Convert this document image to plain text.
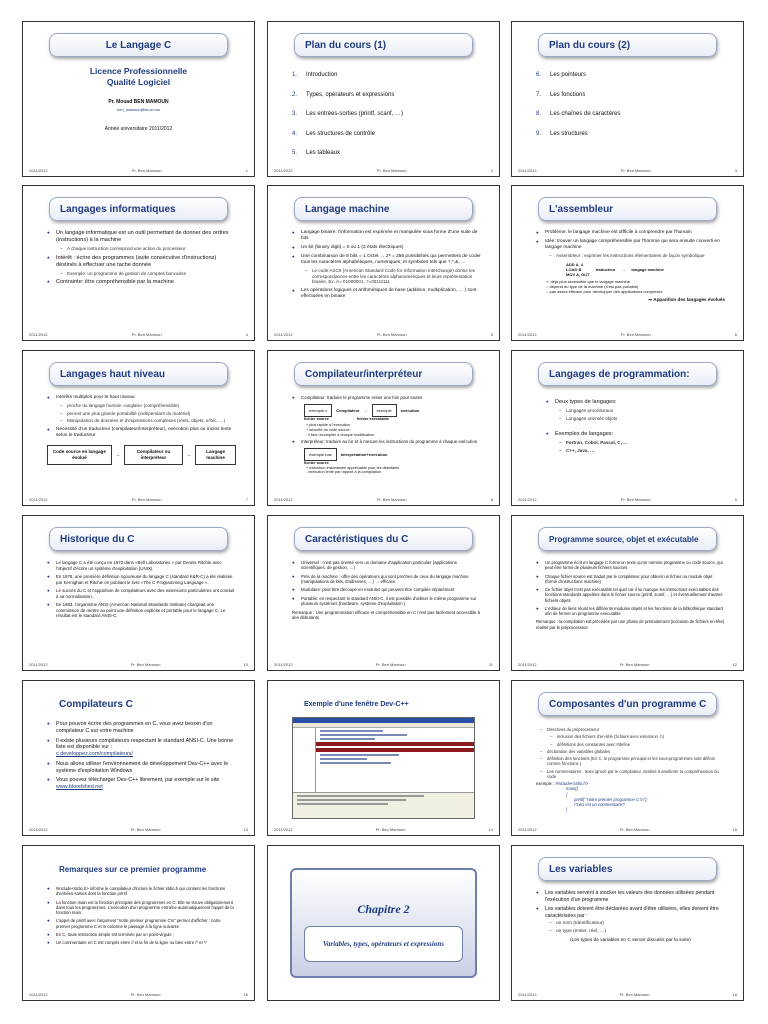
Le Langage C
Licence Professionnelle
Qualité Logiciel
Pr. Mouad BEN MAMOUN
ben_mamoun@fsr.ac.ma
Année universitaire 2011/2012
2011/2012	Pr. Ben Mamoun	1
Plan du cours (1)
1. Introduction
2. Types, opérateurs et expressions
3. Les entrées-sorties (printf, scanf, …)
4. Les structures de contrôle
5. Les tableaux
2011/2012	Pr. Ben Mamoun	2
Plan du cours (2)
6. Les pointeurs
7. Les fonctions
8. Les chaînes de caractères
9. Les structures
2011/2012	Pr. Ben Mamoun	3
Langages informatiques
● Un langage informatique est un outil permettant de donner des ordres (instructions) à la machine
– A chaque instruction correspond une action du processeur
● Intérêt : écrire des programmes (suite consécutive d'instructions) déstinés à effectuer une tache donnée
– Exemple: un programme de gestion de comptes bancaires
● Contrainte: être compréhensible par la machine
2011/2012	Pr. Ben Mamoun	4
Langage machine
● Langage binaire: l'information est exprimée et manipulée sous forme d'une suite de bits
● Un bit (binary digit) = 0 ou 1 (2 états électriques)
● Une combinaison de 8 bits = 1 Octet → 2⁸ = 256 possibilités qui permettent de coder tous les caractères alphabétiques, numériques, et symboles tels que ?,*,&, …
– Le code ASCII (American Standard Code for Information Interchange) donne les correspondances entre les caractères alphanumériques et leurs représentation binaire, Ex. A= 01000001, ?=00111111
● Les opérations logiques et arithmétiques de base (addition, multiplication, … ) sont effectuées en binaire
2011/2012	Pr. Ben Mamoun	5
L'assembleur
● Problème: le langage machine est difficile à comprendre par l'humain
● Idée: trouver un langage compréhensible par l'homme qui sera ensuite converti en langage machine
– Assembleur : exprimer les instructions élémentaires de façon symbolique
ADD A, 4
LOAD B
MOV A, OUT
traducteur → langage machine
+: déjà plus accessible que le langage machine
-: dépend du type de la machine (n'est pas portable)
-: pas assez efficace pour développer des applications complexes
⇒ Apparition des langages évolués
2011/2012	Pr. Ben Mamoun	6
Langages haut niveau
● Intérêts multiples pour le haut niveau:
– proche du langage humain «anglais» (compréhensible)
– permet une plus grande portabilité (indépendant du matériel)
– Manipulation de données et d'expressions complexes (réels, objets, a*b/c, …)
● Nécessité d'un traducteur (compilateur/interpréteur), exécution plus ou moins lente selon le traducteur
Code source en langage évolué
→
Compilateur ou interpréteur
→
Langage machine
2011/2012	Pr. Ben Mamoun	7
Compilateur/interpréteur
● Compilateur: traduire le programme entier une fois pour toutes
exemple.c	Compilateur →	exemple	exécution
fichier source	fichier exécutable
+ plus rapide à l'exécution
+ sécurité du code source
- il faut recompiler à chaque modification
● Interpréteur: traduire au fur et à mesure les instructions du programme à chaque exécution
exemple.bas	Interprétation+exécution
fichier source
+ exécution instantanée appréciable pour les débutants
- exécution lente par rapport à la compilation
2011/2012	Pr. Ben Mamoun	8
Langages de programmation:
● Deux types de langages:
– Langages procéduraux
– Langages orientés objets
● Exemples de langages:
– Fortran, Cobol, Pascal, C, …
– C++, Java, …
2011/2012	Pr. Ben Mamoun	9
Historique du C
● Le langage C a été conçu en 1972 dans «Bell Laboratories » par Dennis Ritchie avec l'objectif d'écrire un système d'exploitation (UNIX).
● En 1978, une première définition rigoureuse du langage C (standard K&R-C) a été réalisée par Kernighan et Ritchie en publiant le livre «The C Programming Language ».
● Le succès du C et l'apparition de compilateurs avec des extensions particulières ont conduit à sa normalisation.
● En 1983, l'organisme ANSI (American National Standards Institute) chargeait une commission de mettre au point une définition explicite et portable pour le langage C. Le résultat est le standard ANSI-C.
2011/2012	Pr. Ben Mamoun	10
Caractéristiques du C
● Universel : n'est pas orienté vers un domaine d'application particulier (applications scientifiques, de gestion, …)
● Près de la machine : offre des opérateurs qui sont proches de ceux du langage machine (manipulations de bits, d'adresses, …) → efficace
● Modulaire: peut être découpé en modules qui peuvent être compilés séparément
● Portable: en respectant le standard ANSI-C, il est possible d'utiliser le même programme sur plusieurs systèmes (hardware, système d'exploitation )
Remarque : Une programmation efficace et compréhensible en C n'est pas facilement accessible à des débutants
2011/2012	Pr. Ben Mamoun	11
Programme source, objet et exécutable
● Un programme écrit en langage C forme un texte qu'on nomme programme ou code source, qui peut être formé de plusieurs fichiers sources
● Chaque fichier source est traduit par le compilateur pour obtenir un fichier ou module objet (formé d'instructions machine)
● Ce fichier objet n'est pas exécutable tel quel car il lui manque les instructions exécutables des fonctions standards appelées dans le fichier source (printf, scanf, …) et éventuellement d'autres fichiers objets
● L'éditeur de liens réunit les différents modules objets et les fonctions de la bibliothèque standard afin de former un programme exécutable
Remarque : la compilation est précédée par une phase de prétraitement (inclusion de fichiers en-tête) réalisé par le préprocesseur
2011/2012	Pr. Ben Mamoun	12
Compilateurs C
● Pour pouvoir écrire des programmes en C, vous avez besoin d'un compilateur C sur votre machine
● Il existe plusieurs compilateurs respectant le standard ANSI-C. Une bonne liste est disponible sur :
c.developpez.com/compilateurs/
● Nous allons utiliser l'environnement de développement Dev-C++ avec le système d'exploitation Windows
● Vous pouvez télécharger Dev-C++ librement, par exemple sur le site www.bloodshed.net
2011/2012	Pr. Ben Mamoun	13
Exemple d'une fenêtre Dev-C++
2011/2012	Pr. Ben Mamoun	14
Composantes d'un programme C
– Directives du préprocesseur
– inclusion des fichiers d'en-tête (fichiers avec extension .h)
– définitions des constantes avec #define
– déclaration des variables globales
– définition des fonctions (En C, le programme principal et les sous-programmes sont définis comme fonctions )
– Les commentaires : texte ignoré par le compilateur, destiné à améliorer la compréhension du code
exemple : #include<stdio.h>
main()
{
printf( "notre premier programme C \n");
/*ceci est un commentaire*/
}
2011/2012	Pr. Ben Mamoun	15
Remarques sur ce premier programme
● #include<stdio.h> informe le compilateur d'inclure le fichier stdio.h qui contient les fonctions d'entrées-sorties dont la fonction printf
● La fonction main est la fonction principale des programmes en C: Elle se trouve obligatoirement dans tous les programmes. L'exécution d'un programme entraîne automatiquement l'appel de la fonction main.
● L'appel de printf avec l'argument "notre premier programme C\n" permet d'afficher : notre premier programme C et \n ordonne le passage à la ligne suivante
● En C, toute instruction simple est terminée par un point-virgule ;
● Un commentaire en C est compris entre // et la fin de la ligne ou bien entre /* et */
2011/2012	Pr. Ben Mamoun	16
Chapitre 2
Variables, types, opérateurs et expressions
Les variables
● Les variables servent à stocker les valeurs des données utilisées pendant l'exécution d'un programme
● Les variables doivent être déclarées avant d'être utilisées, elles doivent être caractérisées par :
– un nom (Identificateur)
– un type (entier, réel, …)
(Les types de variables en C seront discutés par la suite)
2011/2012	Pr. Ben Mamoun	18
